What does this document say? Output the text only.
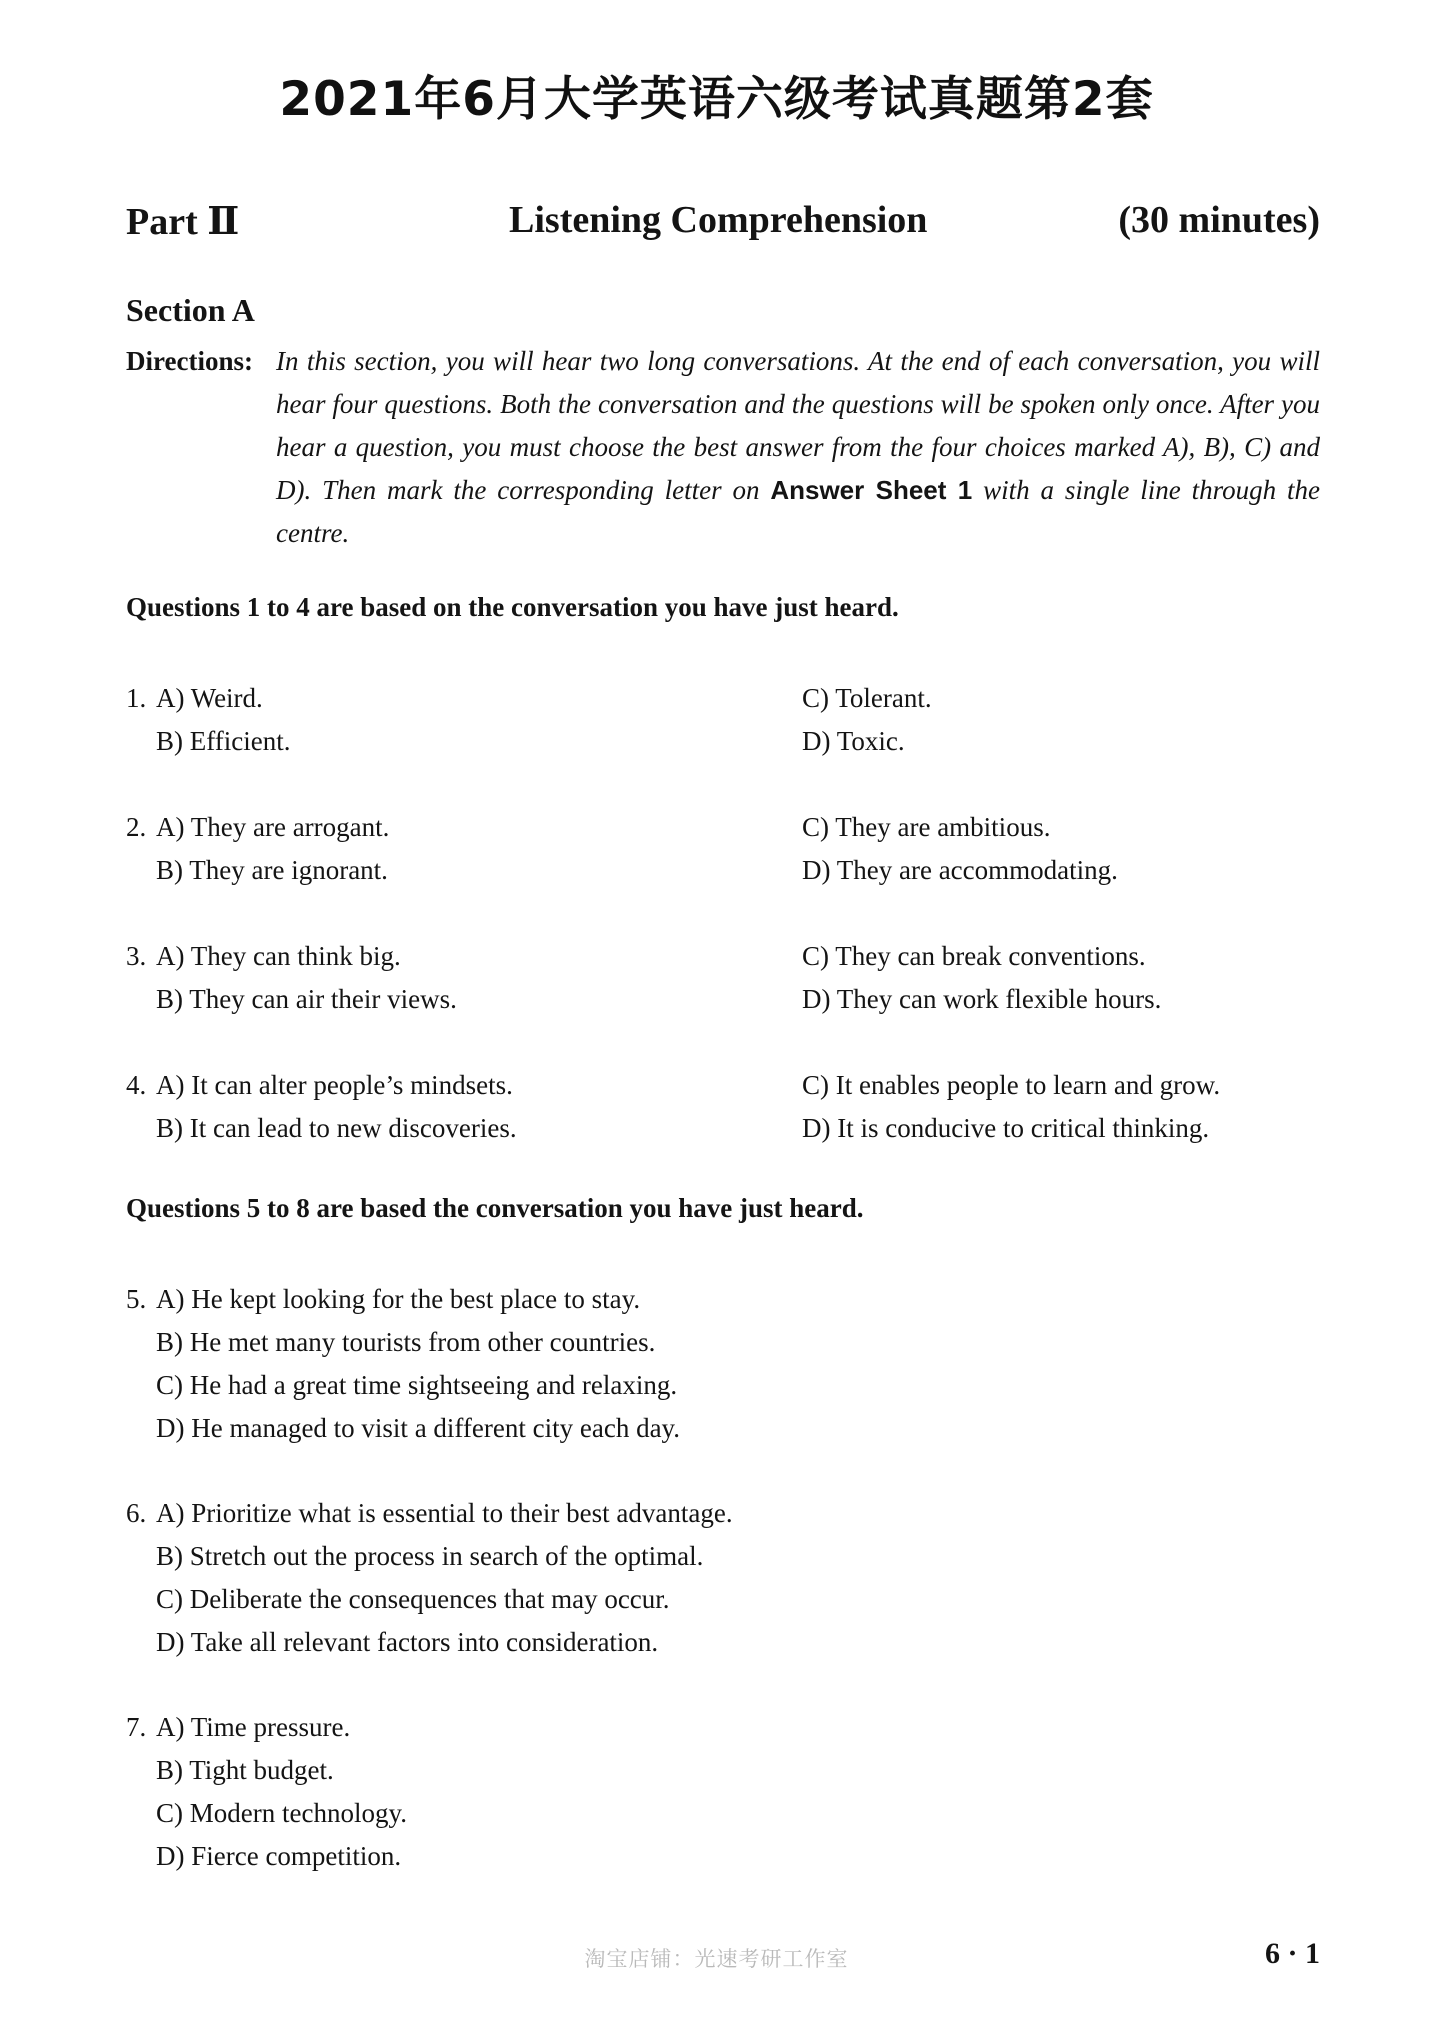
2021年6月大学英语六级考试真题第2套
Part Ⅱ	Listening Comprehension	(30 minutes)
Section A
Directions: In this section, you will hear two long conversations. At the end of each conversation, you will hear four questions. Both the conversation and the questions will be spoken only once. After you hear a question, you must choose the best answer from the four choices marked A), B), C) and D). Then mark the corresponding letter on Answer Sheet 1 with a single line through the centre.
Questions 1 to 4 are based on the conversation you have just heard.
1. A) Weird.
B) Efficient.
C) Tolerant.
D) Toxic.
2. A) They are arrogant.
B) They are ignorant.
C) They are ambitious.
D) They are accommodating.
3. A) They can think big.
B) They can air their views.
C) They can break conventions.
D) They can work flexible hours.
4. A) It can alter people’s mindsets.
B) It can lead to new discoveries.
C) It enables people to learn and grow.
D) It is conducive to critical thinking.
Questions 5 to 8 are based the conversation you have just heard.
5. A) He kept looking for the best place to stay.
B) He met many tourists from other countries.
C) He had a great time sightseeing and relaxing.
D) He managed to visit a different city each day.
6. A) Prioritize what is essential to their best advantage.
B) Stretch out the process in search of the optimal.
C) Deliberate the consequences that may occur.
D) Take all relevant factors into consideration.
7. A) Time pressure.
B) Tight budget.
C) Modern technology.
D) Fierce competition.
淘宝店铺：光速考研工作室	6 · 1
